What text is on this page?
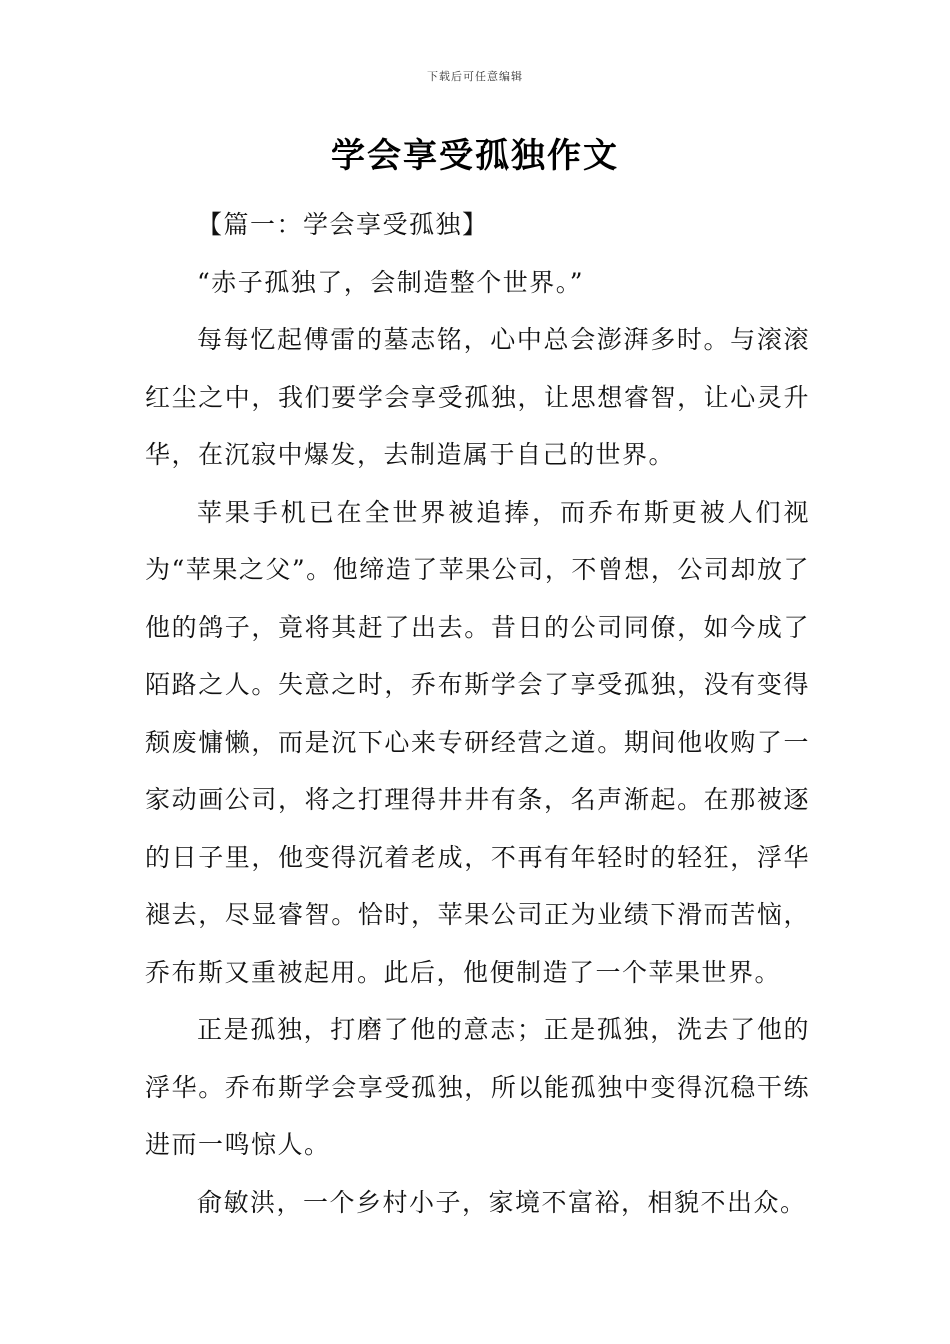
下载后可任意编辑
学会享受孤独作文

【篇一：学会享受孤独】

“赤子孤独了，会制造整个世界。”

每每忆起傅雷的墓志铭，心中总会澎湃多时。与滚滚红尘之中，我们要学会享受孤独，让思想睿智，让心灵升华，在沉寂中爆发，去制造属于自己的世界。

苹果手机已在全世界被追捧，而乔布斯更被人们视为“苹果之父”。他缔造了苹果公司，不曾想，公司却放了他的鸽子，竟将其赶了出去。昔日的公司同僚，如今成了陌路之人。失意之时，乔布斯学会了享受孤独，没有变得颓废慵懒，而是沉下心来专研经营之道。期间他收购了一家动画公司，将之打理得井井有条，名声渐起。在那被逐的日子里，他变得沉着老成，不再有年轻时的轻狂，浮华褪去，尽显睿智。恰时，苹果公司正为业绩下滑而苦恼，乔布斯又重被起用。此后，他便制造了一个苹果世界。

正是孤独，打磨了他的意志；正是孤独，洗去了他的浮华。乔布斯学会享受孤独，所以能孤独中变得沉稳干练进而一鸣惊人。

俞敏洪，一个乡村小子，家境不富裕，相貌不出众。
